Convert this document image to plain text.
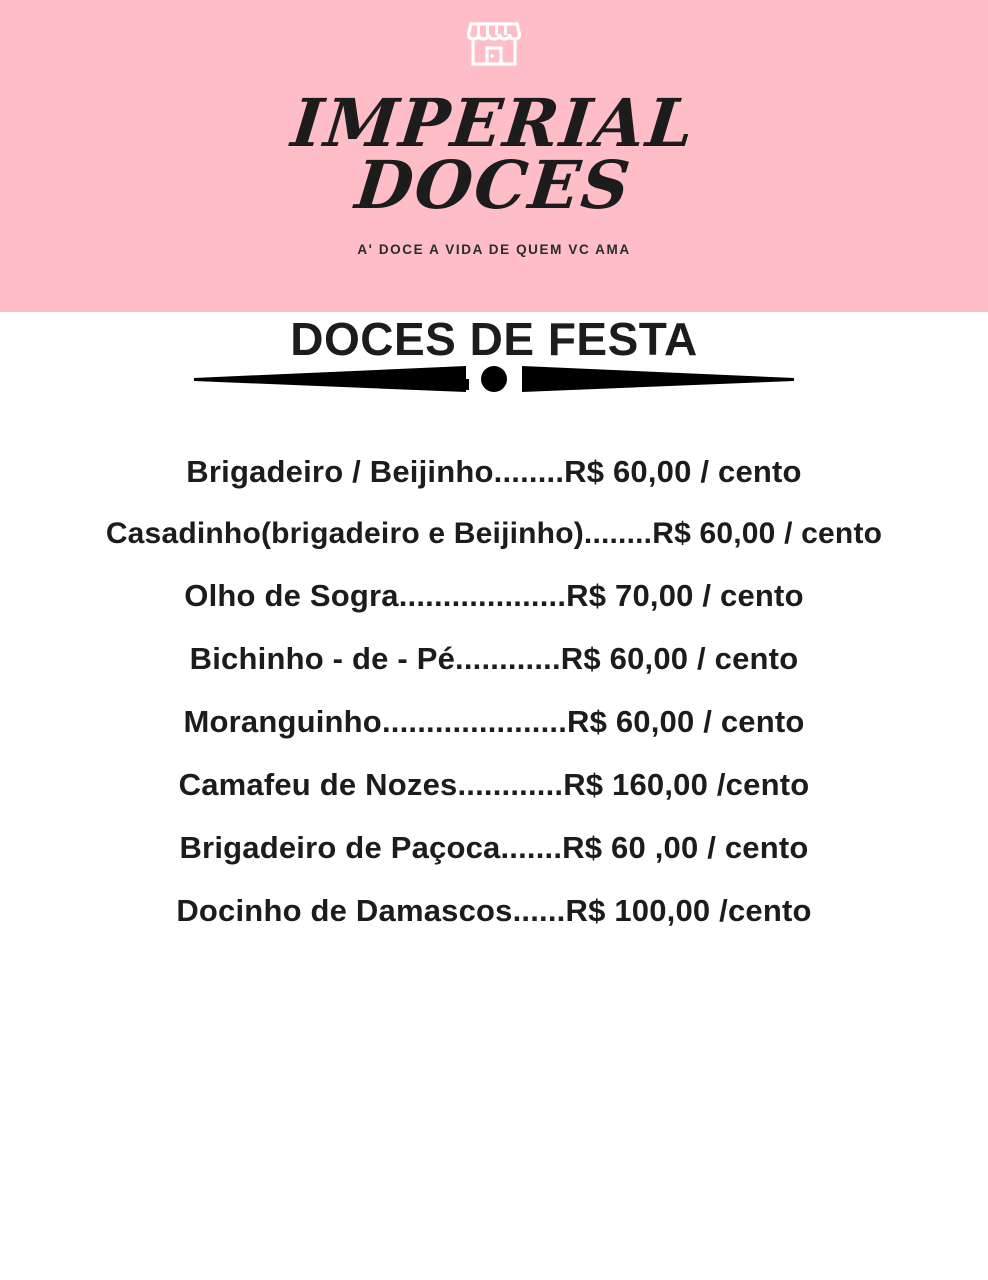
IMPERIAL
DOCES
A' DOCE A VIDA DE QUEM VC AMA
DOCES DE FESTA
Brigadeiro / Beijinho........R$ 60,00 / cento
Casadinho(brigadeiro e Beijinho)........R$ 60,00 / cento
Olho de Sogra...................R$ 70,00 / cento
Bichinho - de - Pé............R$ 60,00 / cento
Moranguinho.....................R$ 60,00 / cento
Camafeu de Nozes............R$ 160,00 /cento
Brigadeiro de Paçoca.......R$ 60 ,00 / cento
Docinho de Damascos......R$ 100,00 /cento
